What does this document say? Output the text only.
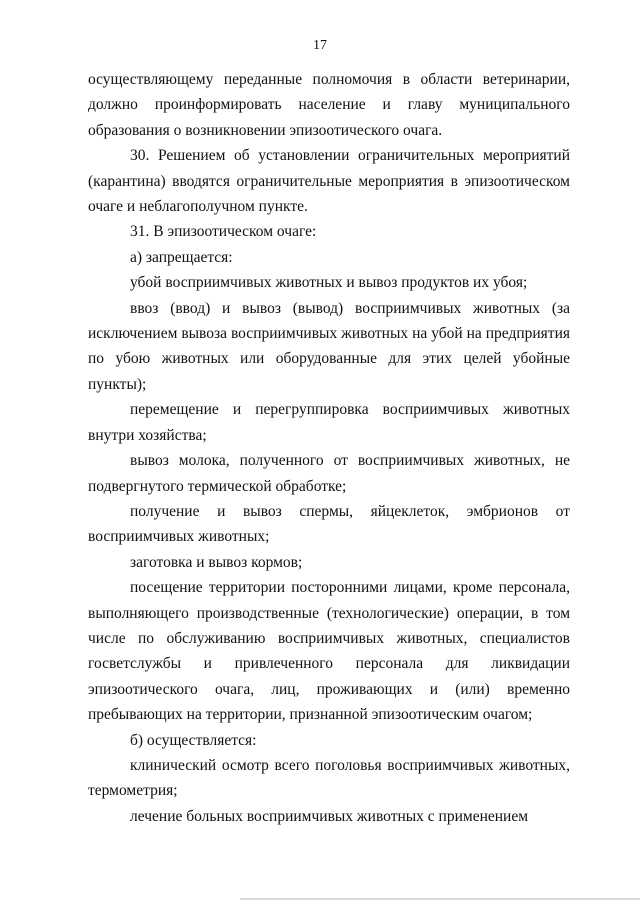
17

осуществляющему переданные полномочия в области ветеринарии, должно проинформировать население и главу муниципального образования о возникновении эпизоотического очага.

30. Решением об установлении ограничительных мероприятий (карантина) вводятся ограничительные мероприятия в эпизоотическом очаге и неблагополучном пункте.

31. В эпизоотическом очаге:

а) запрещается:

убой восприимчивых животных и вывоз продуктов их убоя;

ввоз (ввод) и вывоз (вывод) восприимчивых животных (за исключением вывоза восприимчивых животных на убой на предприятия по убою животных или оборудованные для этих целей убойные пункты);

перемещение и перегруппировка восприимчивых животных внутри хозяйства;

вывоз молока, полученного от восприимчивых животных, не подвергнутого термической обработке;

получение и вывоз спермы, яйцеклеток, эмбрионов от восприимчивых животных;

заготовка и вывоз кормов;

посещение территории посторонними лицами, кроме персонала, выполняющего производственные (технологические) операции, в том числе по обслуживанию восприимчивых животных, специалистов госветслужбы и привлеченного персонала для ликвидации эпизоотического очага, лиц, проживающих и (или) временно пребывающих на территории, признанной эпизоотическим очагом;

б) осуществляется:

клинический осмотр всего поголовья восприимчивых животных, термометрия;

лечение больных восприимчивых животных с применением
